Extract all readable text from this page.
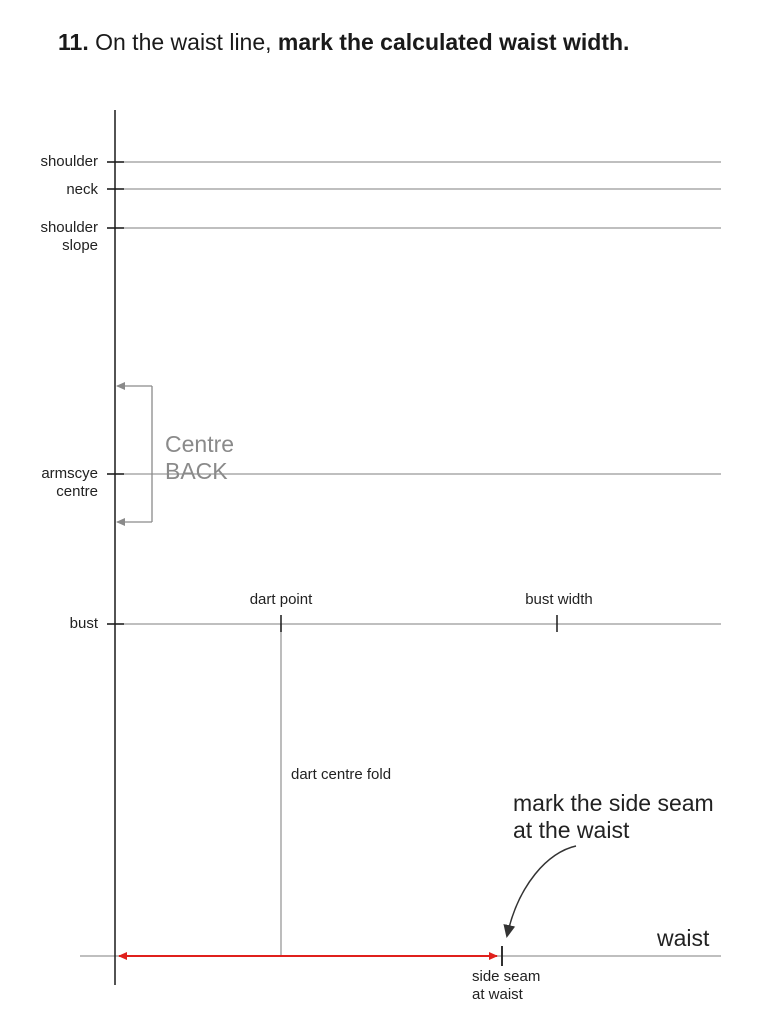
11. On the waist line, mark the calculated waist width.
shoulder
neck
shoulder
slope
armscye
centre
bust
Centre
BACK
dart point	bust width
dart centre fold
side seam
at waist
mark the side seam
at the waist
waist
